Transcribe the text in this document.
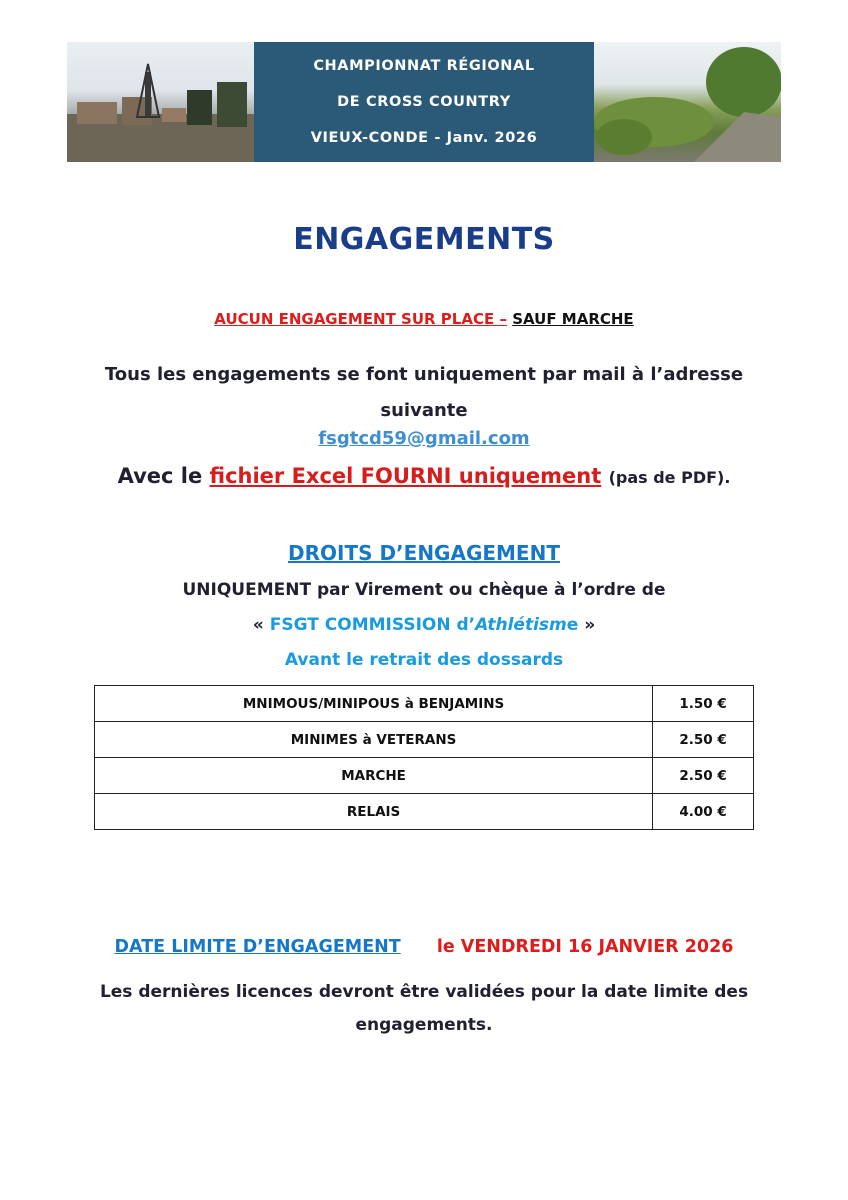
CHAMPIONNAT RÉGIONAL
DE CROSS COUNTRY
VIEUX-CONDE - Janv. 2026
ENGAGEMENTS
AUCUN ENGAGEMENT SUR PLACE – SAUF MARCHE
Tous les engagements se font uniquement par mail à l’adresse
suivante
fsgtcd59@gmail.com
Avec le fichier Excel FOURNI uniquement (pas de PDF).
DROITS D’ENGAGEMENT
UNIQUEMENT par Virement ou chèque à l’ordre de
« FSGT COMMISSION d’Athlétisme »
Avant le retrait des dossards
MNIMOUS/MINIPOUS à BENJAMINS	1.50 €
MINIMES à VETERANS	2.50 €
MARCHE	2.50 €
RELAIS	4.00 €
DATE LIMITE D’ENGAGEMENT le VENDREDI 16 JANVIER 2026
Les dernières licences devront être validées pour la date limite des
engagements.
